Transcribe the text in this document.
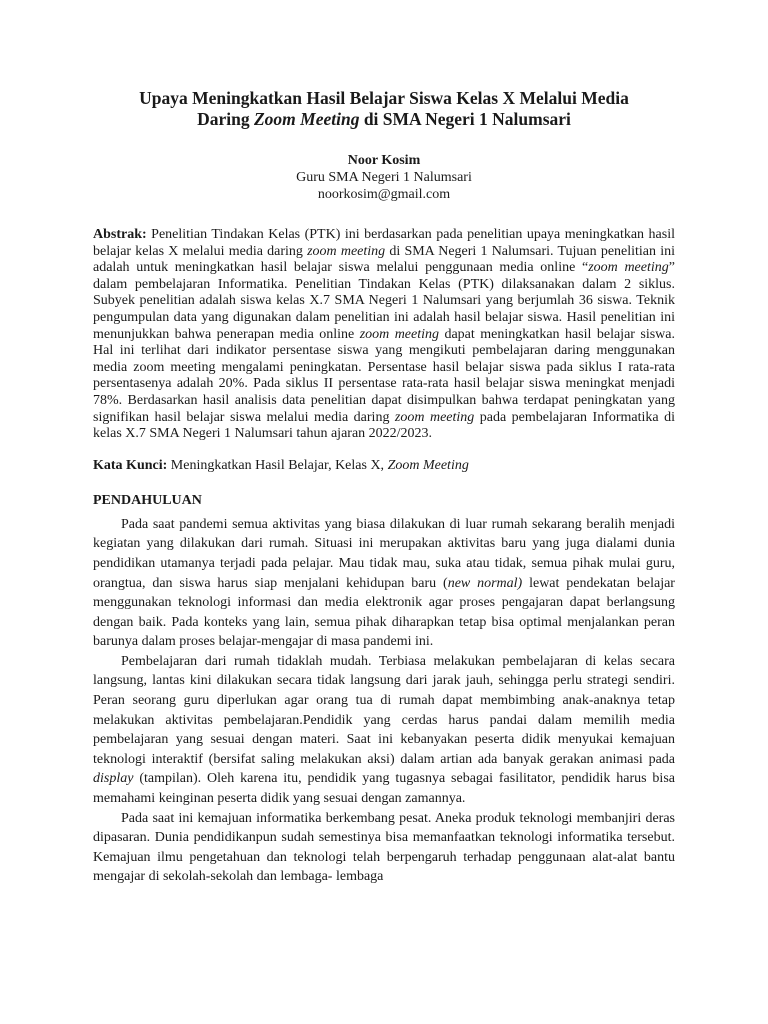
Upaya Meningkatkan Hasil Belajar Siswa Kelas X Melalui Media
Daring Zoom Meeting di SMA Negeri 1 Nalumsari
Noor Kosim
Guru SMA Negeri 1 Nalumsari
noorkosim@gmail.com

Abstrak: Penelitian Tindakan Kelas (PTK) ini berdasarkan pada penelitian upaya meningkatkan hasil belajar kelas X melalui media daring zoom meeting di SMA Negeri 1 Nalumsari. Tujuan penelitian ini adalah untuk meningkatkan hasil belajar siswa melalui penggunaan media online “zoom meeting” dalam pembelajaran Informatika. Penelitian Tindakan Kelas (PTK) dilaksanakan dalam 2 siklus. Subyek penelitian adalah siswa kelas X.7 SMA Negeri 1 Nalumsari yang berjumlah 36 siswa. Teknik pengumpulan data yang digunakan dalam penelitian ini adalah hasil belajar siswa. Hasil penelitian ini menunjukkan bahwa penerapan media online zoom meeting dapat meningkatkan hasil belajar siswa. Hal ini terlihat dari indikator persentase siswa yang mengikuti pembelajaran daring menggunakan media zoom meeting mengalami peningkatan. Persentase hasil belajar siswa pada siklus I rata-rata persentasenya adalah 20%. Pada siklus II persentase rata-rata hasil belajar siswa meningkat menjadi 78%. Berdasarkan hasil analisis data penelitian dapat disimpulkan bahwa terdapat peningkatan yang signifikan hasil belajar siswa melalui media daring zoom meeting pada pembelajaran Informatika di kelas X.7 SMA Negeri 1 Nalumsari tahun ajaran 2022/2023.

Kata Kunci: Meningkatkan Hasil Belajar, Kelas X, Zoom Meeting
PENDAHULUAN

Pada saat pandemi semua aktivitas yang biasa dilakukan di luar rumah sekarang beralih menjadi kegiatan yang dilakukan dari rumah. Situasi ini merupakan aktivitas baru yang juga dialami dunia pendidikan utamanya terjadi pada pelajar. Mau tidak mau, suka atau tidak, semua pihak mulai guru, orangtua, dan siswa harus siap menjalani kehidupan baru (new normal) lewat pendekatan belajar menggunakan teknologi informasi dan media elektronik agar proses pengajaran dapat berlangsung dengan baik. Pada konteks yang lain, semua pihak diharapkan tetap bisa optimal menjalankan peran barunya dalam proses belajar-mengajar di masa pandemi ini.

Pembelajaran dari rumah tidaklah mudah. Terbiasa melakukan pembelajaran di kelas secara langsung, lantas kini dilakukan secara tidak langsung dari jarak jauh, sehingga perlu strategi sendiri. Peran seorang guru diperlukan agar orang tua di rumah dapat membimbing anak-anaknya tetap melakukan aktivitas pembelajaran.Pendidik yang cerdas harus pandai dalam memilih media pembelajaran yang sesuai dengan materi. Saat ini kebanyakan peserta didik menyukai kemajuan teknologi interaktif (bersifat saling melakukan aksi) dalam artian ada banyak gerakan animasi pada display (tampilan). Oleh karena itu, pendidik yang tugasnya sebagai fasilitator, pendidik harus bisa memahami keinginan peserta didik yang sesuai dengan zamannya.

Pada saat ini kemajuan informatika berkembang pesat. Aneka produk teknologi membanjiri deras dipasaran. Dunia pendidikanpun sudah semestinya bisa memanfaatkan teknologi informatika tersebut. Kemajuan ilmu pengetahuan dan teknologi telah berpengaruh terhadap penggunaan alat-alat bantu mengajar di sekolah-sekolah dan lembaga- lembaga
